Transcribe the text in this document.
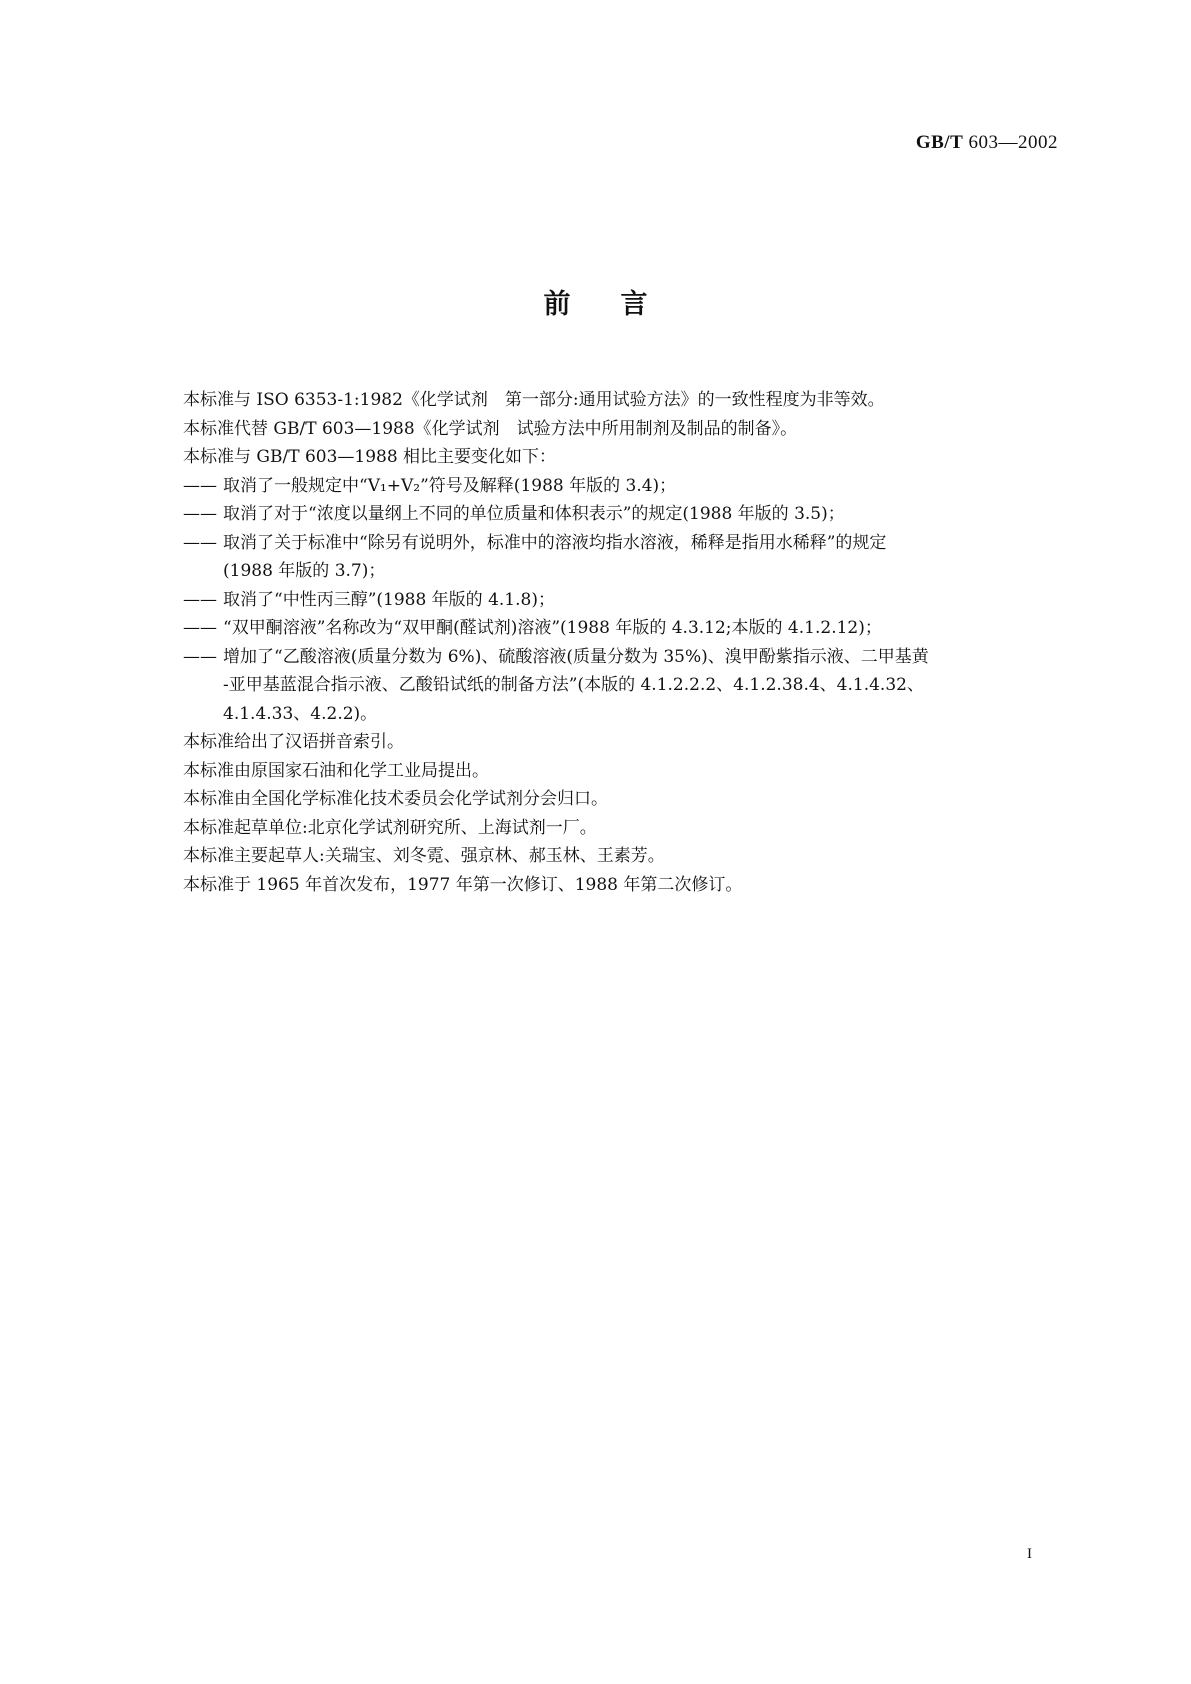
GB/T 603—2002
前言
本标准与 ISO 6353-1:1982《化学试剂　第一部分:通用试验方法》的一致性程度为非等效。
本标准代替 GB/T 603—1988《化学试剂　试验方法中所用制剂及制品的制备》。
本标准与 GB/T 603—1988 相比主要变化如下：
—— 取消了一般规定中“V₁+V₂”符号及解释(1988 年版的 3.4)；
—— 取消了对于“浓度以量纲上不同的单位质量和体积表示”的规定(1988 年版的 3.5)；
—— 取消了关于标准中“除另有说明外，标准中的溶液均指水溶液，稀释是指用水稀释”的规定
(1988 年版的 3.7)；
—— 取消了“中性丙三醇”(1988 年版的 4.1.8)；
—— “双甲酮溶液”名称改为“双甲酮(醛试剂)溶液”(1988 年版的 4.3.12;本版的 4.1.2.12)；
—— 增加了“乙酸溶液(质量分数为 6%)、硫酸溶液(质量分数为 35%)、溴甲酚紫指示液、二甲基黄
-亚甲基蓝混合指示液、乙酸铅试纸的制备方法”(本版的 4.1.2.2.2、4.1.2.38.4、4.1.4.32、
4.1.4.33、4.2.2)。
本标准给出了汉语拼音索引。
本标准由原国家石油和化学工业局提出。
本标准由全国化学标准化技术委员会化学试剂分会归口。
本标准起草单位:北京化学试剂研究所、上海试剂一厂。
本标准主要起草人:关瑞宝、刘冬霓、强京林、郝玉林、王素芳。
本标准于 1965 年首次发布，1977 年第一次修订、1988 年第二次修订。
I
